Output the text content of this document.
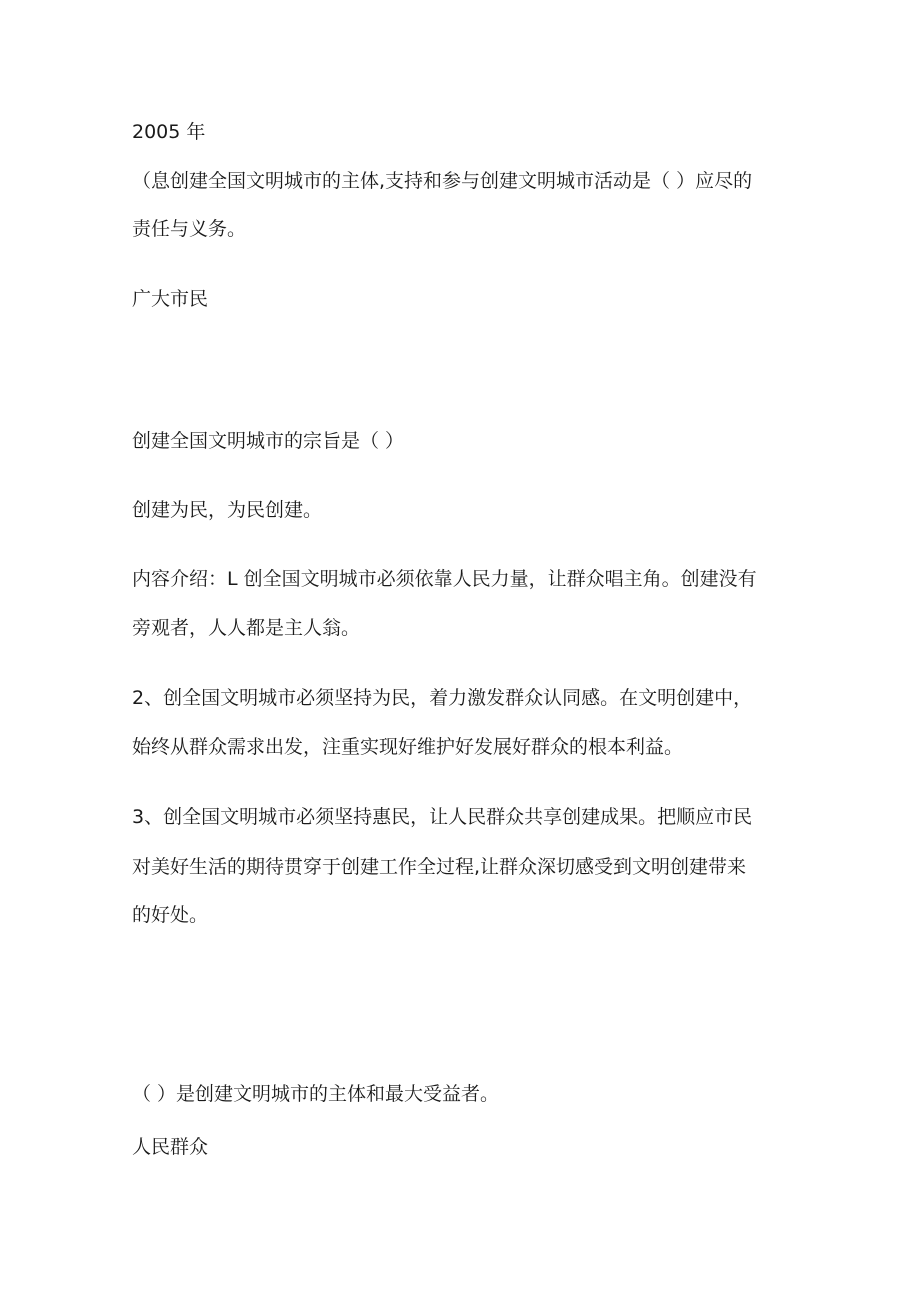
2005 年
（息创建全国文明城市的主体,支持和参与创建文明城市活动是（ ）应尽的
责任与义务。
广大市民
创建全国文明城市的宗旨是（ ）
创建为民，为民创建。
内容介绍：L 创全国文明城市必须依靠人民力量，让群众唱主角。创建没有
旁观者，人人都是主人翁。
2、创全国文明城市必须坚持为民，着力激发群众认同感。在文明创建中，
始终从群众需求出发，注重实现好维护好发展好群众的根本利益。
3、创全国文明城市必须坚持惠民，让人民群众共享创建成果。把顺应市民
对美好生活的期待贯穿于创建工作全过程,让群众深切感受到文明创建带来
的好处。
（ ）是创建文明城市的主体和最大受益者。
人民群众
